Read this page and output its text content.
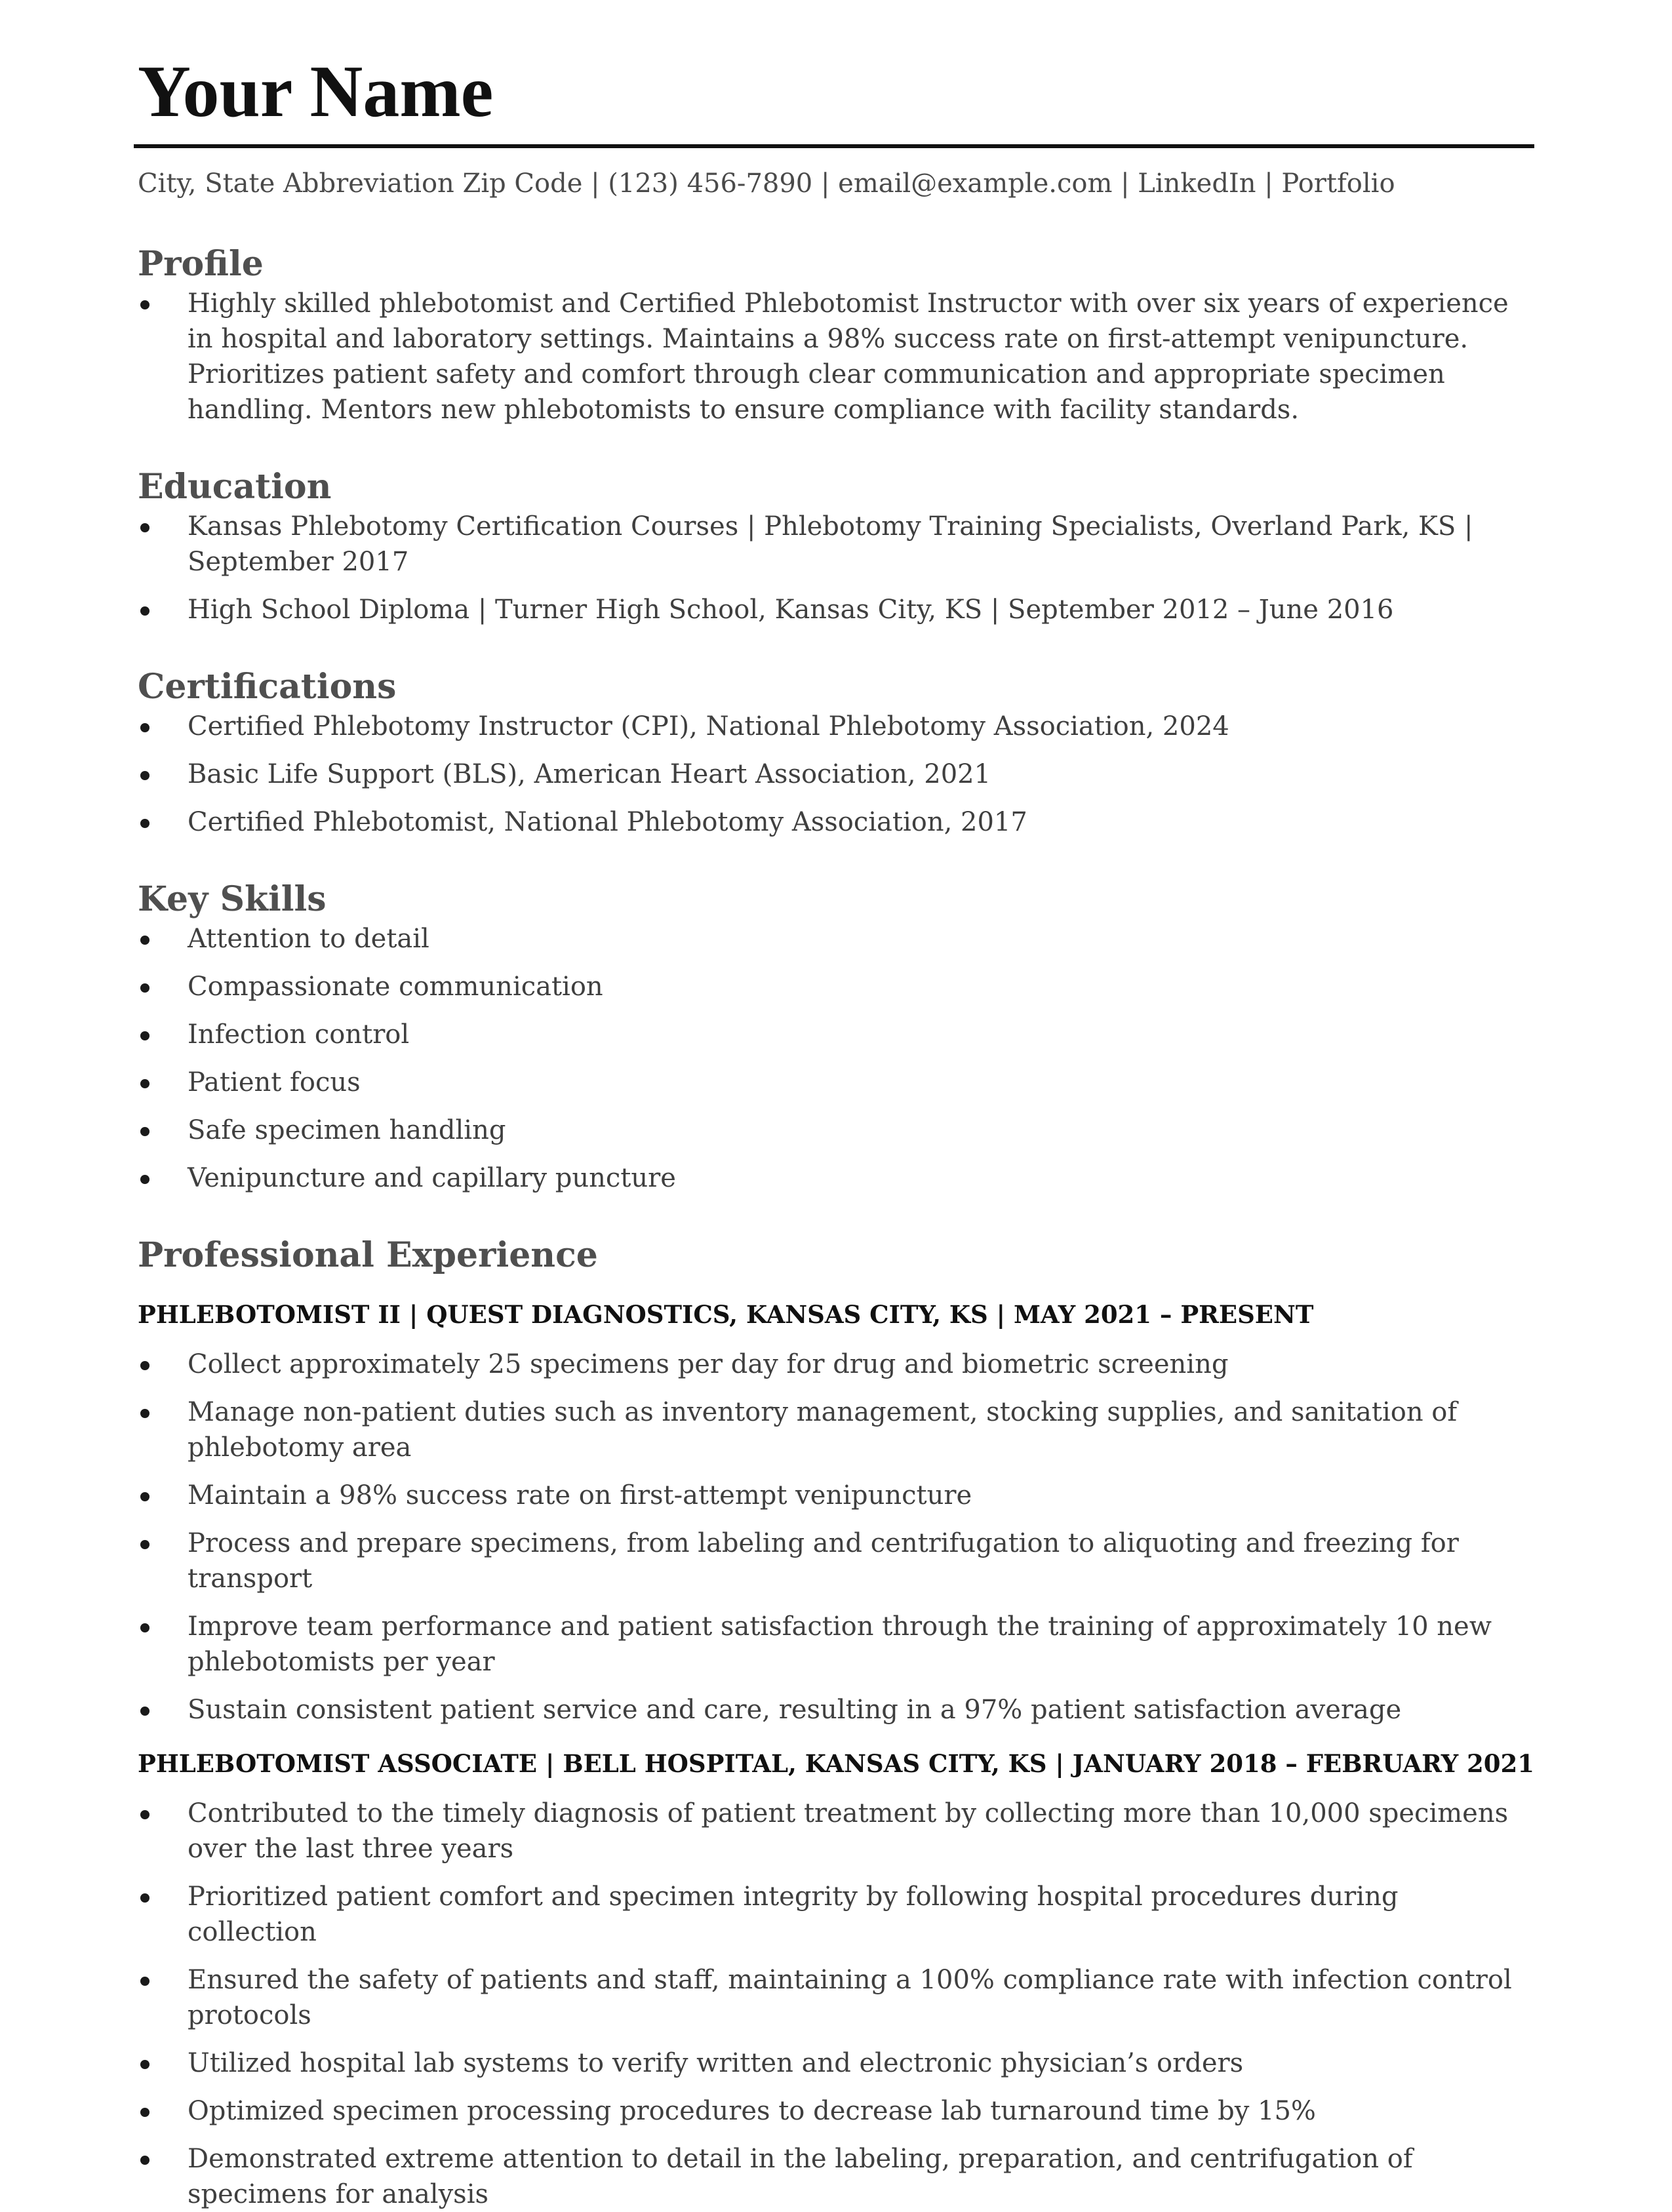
Your Name
City, State Abbreviation Zip Code | (123) 456-7890 | email@example.com | LinkedIn | Portfolio
Profile
Highly skilled phlebotomist and Certified Phlebotomist Instructor with over six years of experience in hospital and laboratory settings. Maintains a 98% success rate on first-attempt venipuncture. Prioritizes patient safety and comfort through clear communication and appropriate specimen handling. Mentors new phlebotomists to ensure compliance with facility standards.
Education
Kansas Phlebotomy Certification Courses | Phlebotomy Training Specialists, Overland Park, KS | September 2017
High School Diploma | Turner High School, Kansas City, KS | September 2012 – June 2016
Certifications
Certified Phlebotomy Instructor (CPI), National Phlebotomy Association, 2024
Basic Life Support (BLS), American Heart Association, 2021
Certified Phlebotomist, National Phlebotomy Association, 2017
Key Skills
Attention to detail
Compassionate communication
Infection control
Patient focus
Safe specimen handling
Venipuncture and capillary puncture
Professional Experience
PHLEBOTOMIST II | QUEST DIAGNOSTICS, KANSAS CITY, KS | MAY 2021 – PRESENT
Collect approximately 25 specimens per day for drug and biometric screening
Manage non-patient duties such as inventory management, stocking supplies, and sanitation of phlebotomy area
Maintain a 98% success rate on first-attempt venipuncture
Process and prepare specimens, from labeling and centrifugation to aliquoting and freezing for transport
Improve team performance and patient satisfaction through the training of approximately 10 new phlebotomists per year
Sustain consistent patient service and care, resulting in a 97% patient satisfaction average
PHLEBOTOMIST ASSOCIATE | BELL HOSPITAL, KANSAS CITY, KS | JANUARY 2018 – FEBRUARY 2021
Contributed to the timely diagnosis of patient treatment by collecting more than 10,000 specimens over the last three years
Prioritized patient comfort and specimen integrity by following hospital procedures during collection
Ensured the safety of patients and staff, maintaining a 100% compliance rate with infection control protocols
Utilized hospital lab systems to verify written and electronic physician’s orders
Optimized specimen processing procedures to decrease lab turnaround time by 15%
Demonstrated extreme attention to detail in the labeling, preparation, and centrifugation of specimens for analysis
